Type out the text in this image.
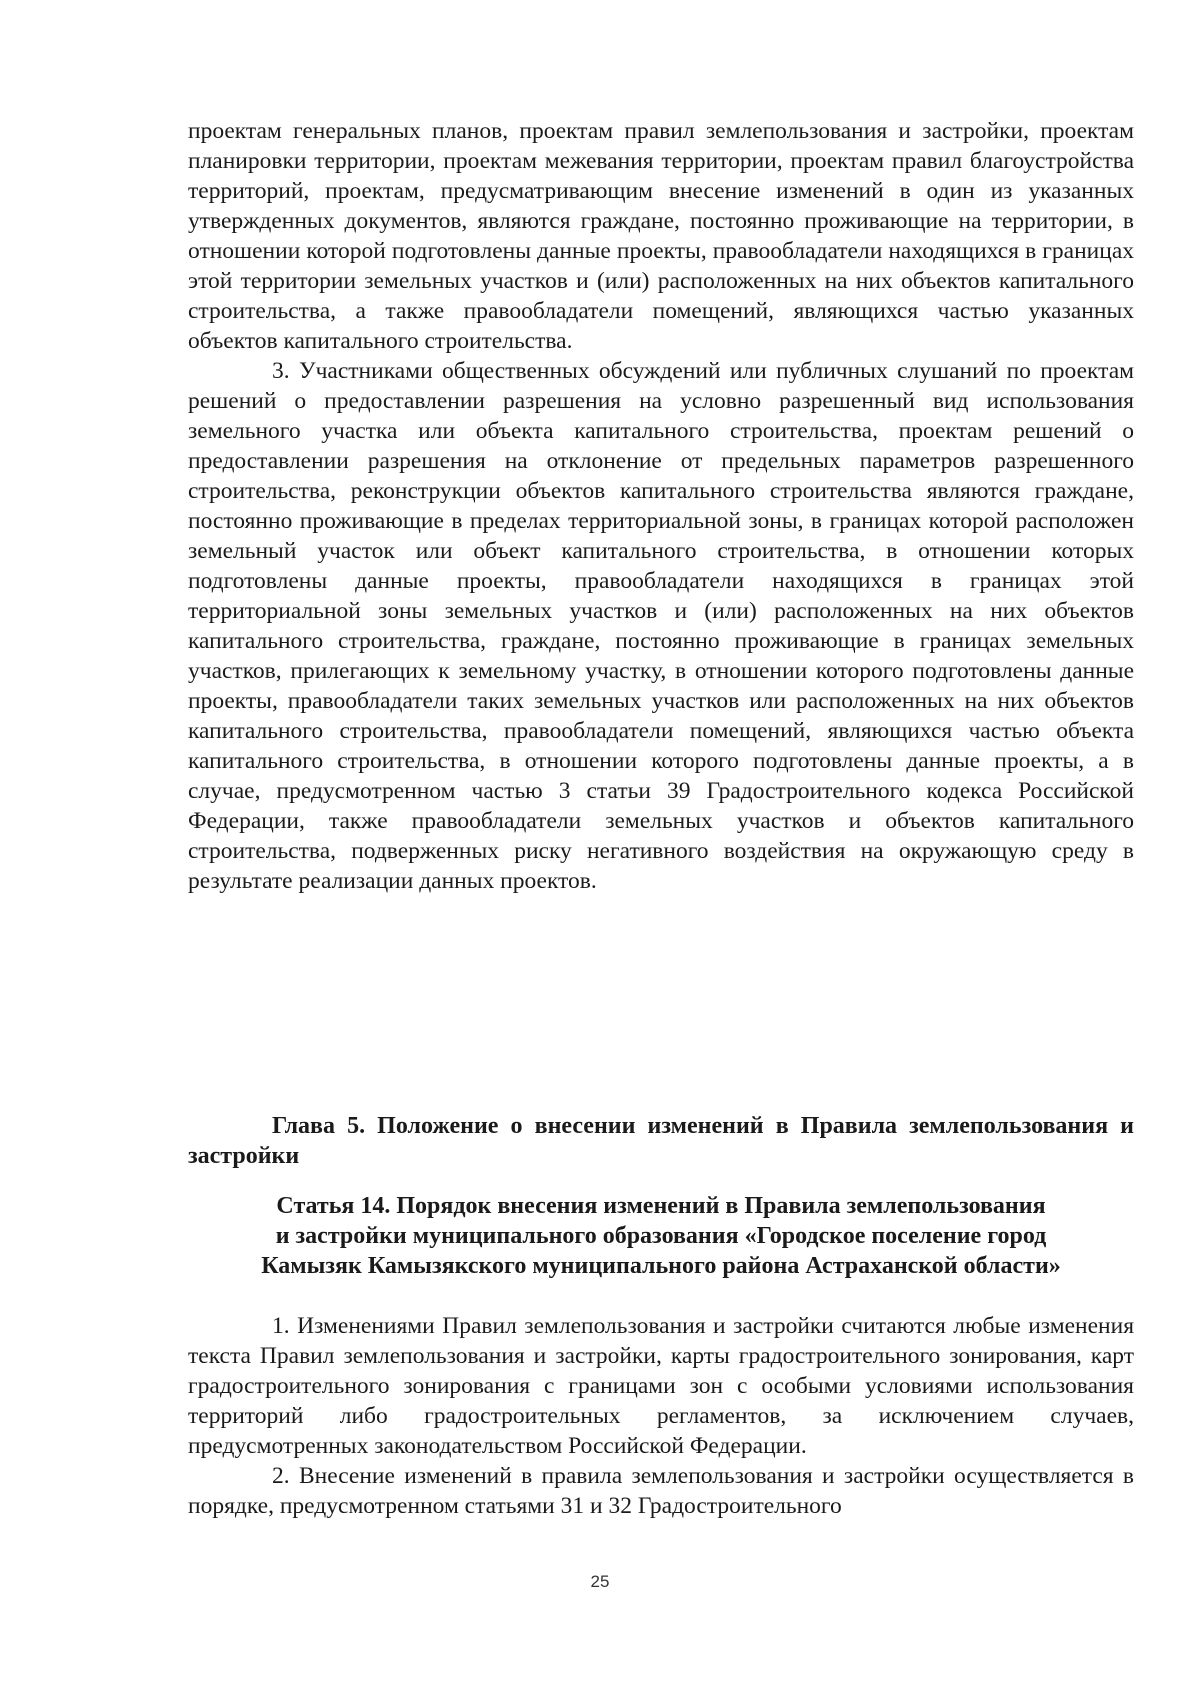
проектам генеральных планов, проектам правил землепользования и застройки, проектам планировки территории, проектам межевания территории, проектам правил благоустройства территорий, проектам, предусматривающим внесение изменений в один из указанных утвержденных документов, являются граждане, постоянно проживающие на территории, в отношении которой подготовлены данные проекты, правообладатели находящихся в границах этой территории земельных участков и (или) расположенных на них объектов капитального строительства, а также правообладатели помещений, являющихся частью указанных объектов капитального строительства.

3. Участниками общественных обсуждений или публичных слушаний по проектам решений о предоставлении разрешения на условно разрешенный вид использования земельного участка или объекта капитального строительства, проектам решений о предоставлении разрешения на отклонение от предельных параметров разрешенного строительства, реконструкции объектов капитального строительства являются граждане, постоянно проживающие в пределах территориальной зоны, в границах которой расположен земельный участок или объект капитального строительства, в отношении которых подготовлены данные проекты, правообладатели находящихся в границах этой территориальной зоны земельных участков и (или) расположенных на них объектов капитального строительства, граждане, постоянно проживающие в границах земельных участков, прилегающих к земельному участку, в отношении которого подготовлены данные проекты, правообладатели таких земельных участков или расположенных на них объектов капитального строительства, правообладатели помещений, являющихся частью объекта капитального строительства, в отношении которого подготовлены данные проекты, а в случае, предусмотренном частью 3 статьи 39 Градостроительного кодекса Российской Федерации, также правообладатели земельных участков и объектов капитального строительства, подверженных риску негативного воздействия на окружающую среду в результате реализации данных проектов.

Глава 5. Положение о внесении изменений в Правила землепользования и застройки

Статья 14. Порядок внесения изменений в Правила землепользования

и застройки муниципального образования «Городское поселение город

Камызяк Камызякского муниципального района Астраханской области»

1. Изменениями Правил землепользования и застройки считаются любые изменения текста Правил землепользования и застройки, карты градостроительного зонирования, карт градостроительного зонирования с границами зон с особыми условиями использования территорий либо градостроительных регламентов, за исключением случаев, предусмотренных законодательством Российской Федерации.

2. Внесение изменений в правила землепользования и застройки осуществляется в порядке, предусмотренном статьями 31 и 32 Градостроительного

25
